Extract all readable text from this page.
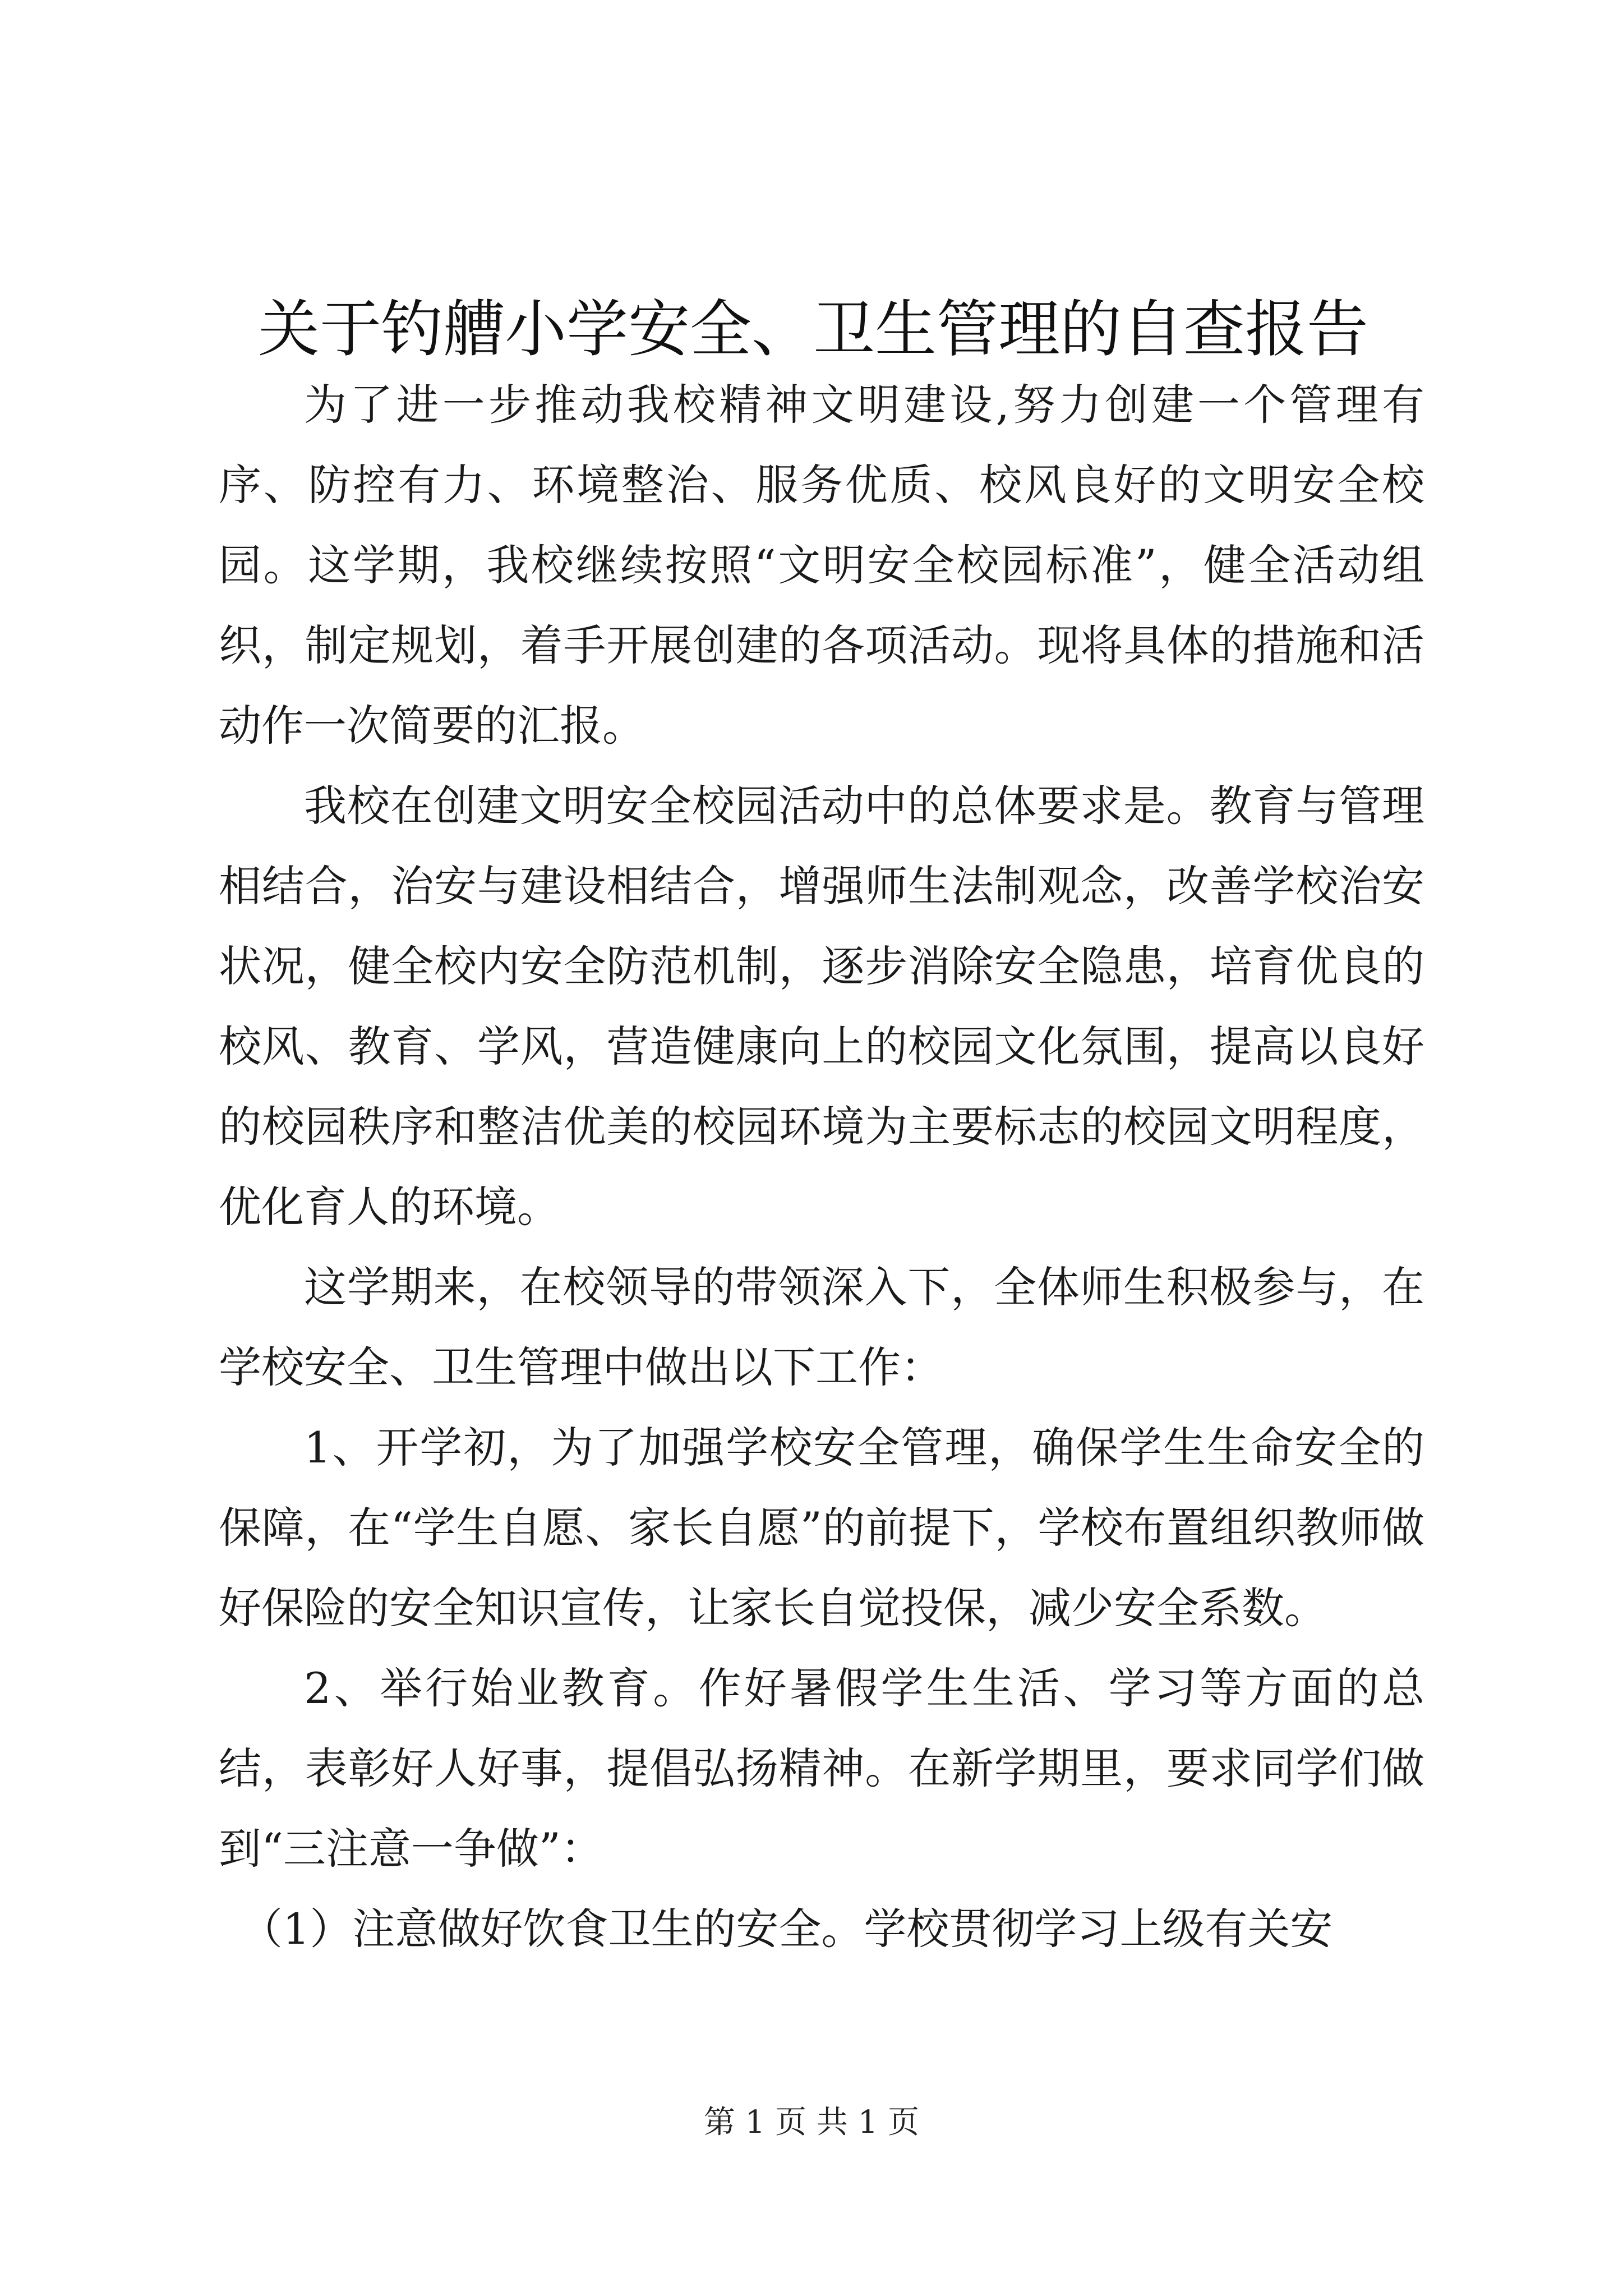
关于钓艚小学安全、卫生管理的自查报告

为了进一步推动我校精神文明建设,努力创建一个管理有序、防控有力、环境整治、服务优质、校风良好的文明安全校园。这学期，我校继续按照“文明安全校园标准”，健全活动组织，制定规划，着手开展创建的各项活动。现将具体的措施和活动作一次简要的汇报。

我校在创建文明安全校园活动中的总体要求是。教育与管理相结合，治安与建设相结合，增强师生法制观念，改善学校治安状况，健全校内安全防范机制，逐步消除安全隐患，培育优良的校风、教育、学风，营造健康向上的校园文化氛围，提高以良好的校园秩序和整洁优美的校园环境为主要标志的校园文明程度，优化育人的环境。

这学期来，在校领导的带领深入下，全体师生积极参与，在学校安全、卫生管理中做出以下工作：

1、开学初，为了加强学校安全管理，确保学生生命安全的保障，在“学生自愿、家长自愿”的前提下，学校布置组织教师做好保险的安全知识宣传，让家长自觉投保，减少安全系数。

2、举行始业教育。作好暑假学生生活、学习等方面的总结，表彰好人好事，提倡弘扬精神。在新学期里，要求同学们做到“三注意一争做”：

（1）注意做好饮食卫生的安全。学校贯彻学习上级有关安

第 1 页 共 1 页
